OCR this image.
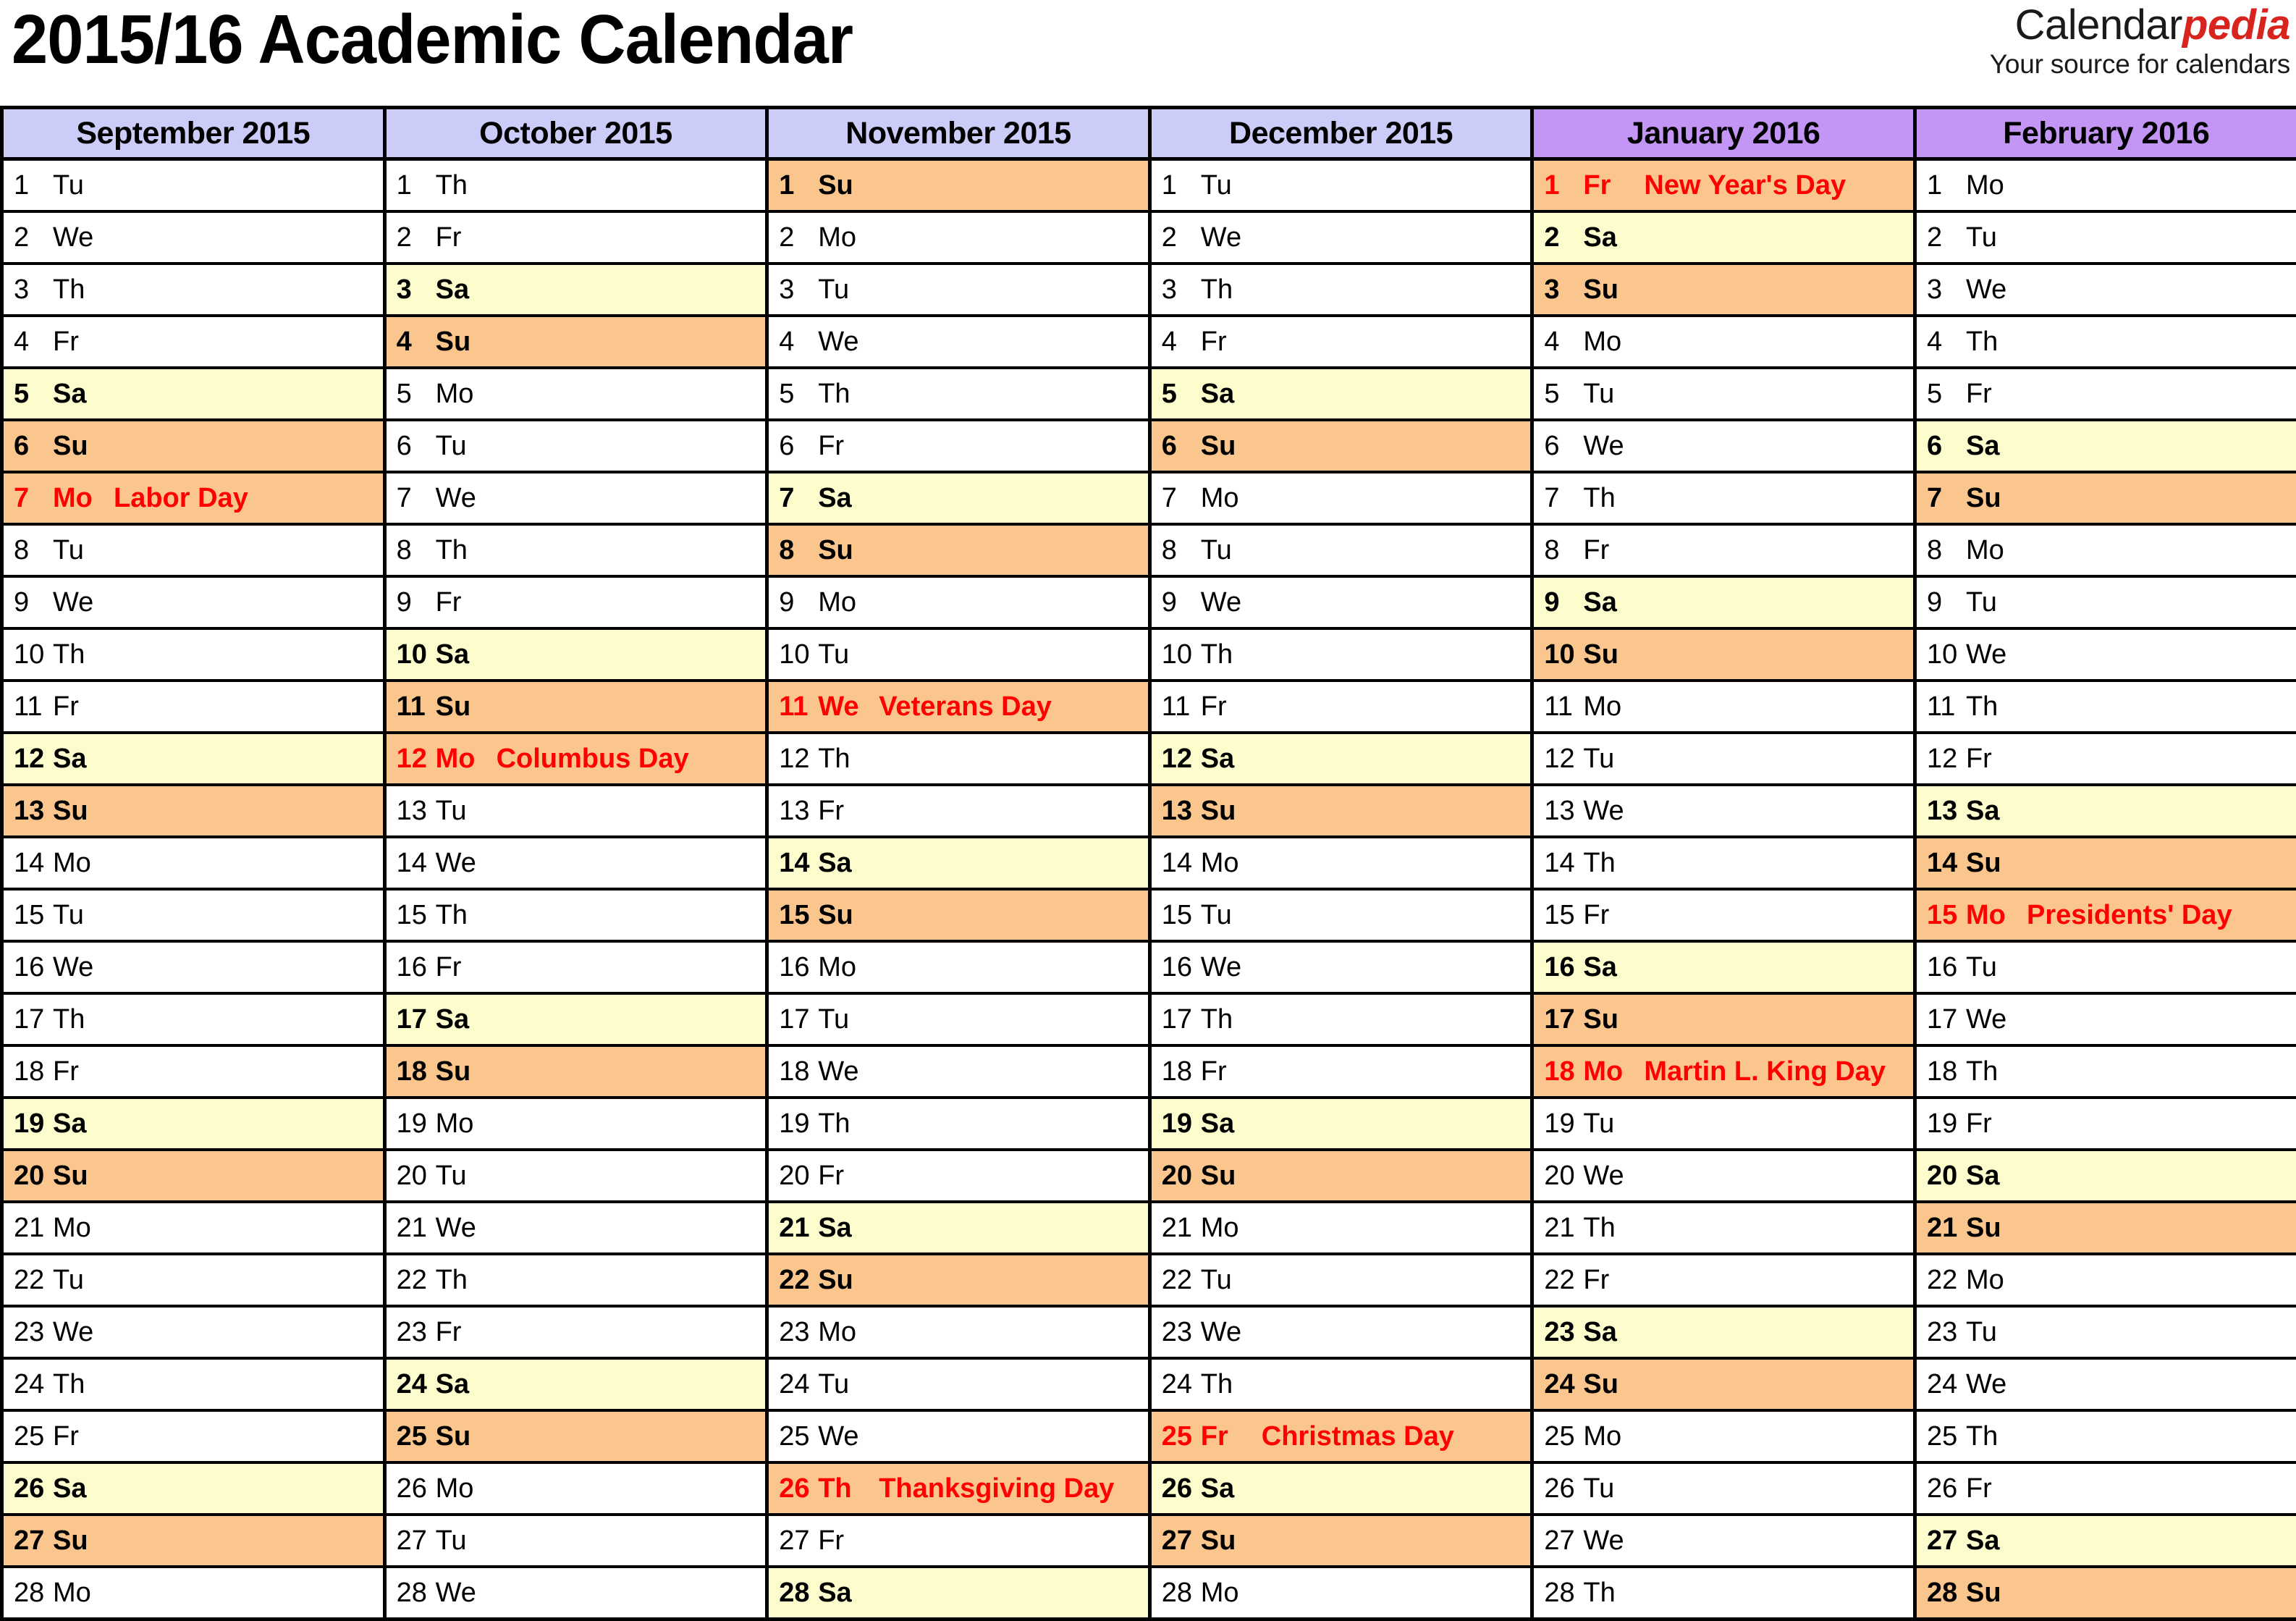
2015/16 Academic Calendar	Calendarpedia
Your source for calendars
September 2015
1 Tu
2 We
3 Th
4 Fr
5 Sa
6 Su
7 Mo Labor Day
8 Tu
9 We
10 Th
11 Fr
12 Sa
13 Su
14 Mo
15 Tu
16 We
17 Th
18 Fr
19 Sa
20 Su
21 Mo
22 Tu
23 We
24 Th
25 Fr
26 Sa
27 Su
28 Mo
October 2015
1 Th
2 Fr
3 Sa
4 Su
5 Mo
6 Tu
7 We
8 Th
9 Fr
10 Sa
11 Su
12 Mo Columbus Day
13 Tu
14 We
15 Th
16 Fr
17 Sa
18 Su
19 Mo
20 Tu
21 We
22 Th
23 Fr
24 Sa
25 Su
26 Mo
27 Tu
28 We
November 2015
1 Su
2 Mo
3 Tu
4 We
5 Th
6 Fr
7 Sa
8 Su
9 Mo
10 Tu
11 We Veterans Day
12 Th
13 Fr
14 Sa
15 Su
16 Mo
17 Tu
18 We
19 Th
20 Fr
21 Sa
22 Su
23 Mo
24 Tu
25 We
26 Th Thanksgiving Day
27 Fr
28 Sa
December 2015
1 Tu
2 We
3 Th
4 Fr
5 Sa
6 Su
7 Mo
8 Tu
9 We
10 Th
11 Fr
12 Sa
13 Su
14 Mo
15 Tu
16 We
17 Th
18 Fr
19 Sa
20 Su
21 Mo
22 Tu
23 We
24 Th
25 Fr	Christmas Day
26 Sa
27 Su
28 Mo
January 2016
1 Fr	New Year's Day
2 Sa
3 Su
4 Mo
5 Tu
6 We
7 Th
8 Fr
9 Sa
10 Su
11 Mo
12 Tu
13 We
14 Th
15 Fr
16 Sa
17 Su
18 Mo Martin L. King Day
19 Tu
20 We
21 Th
22 Fr
23 Sa
24 Su
25 Mo
26 Tu
27 We
28 Th
February 2016
1 Mo
2 Tu
3 We
4 Th
5 Fr
6 Sa
7 Su
8 Mo
9 Tu
10 We
11 Th
12 Fr
13 Sa
14 Su
15 Mo Presidents' Day
16 Tu
17 We
18 Th
19 Fr
20 Sa
21 Su
22 Mo
23 Tu
24 We
25 Th
26 Fr
27 Sa
28 Su
